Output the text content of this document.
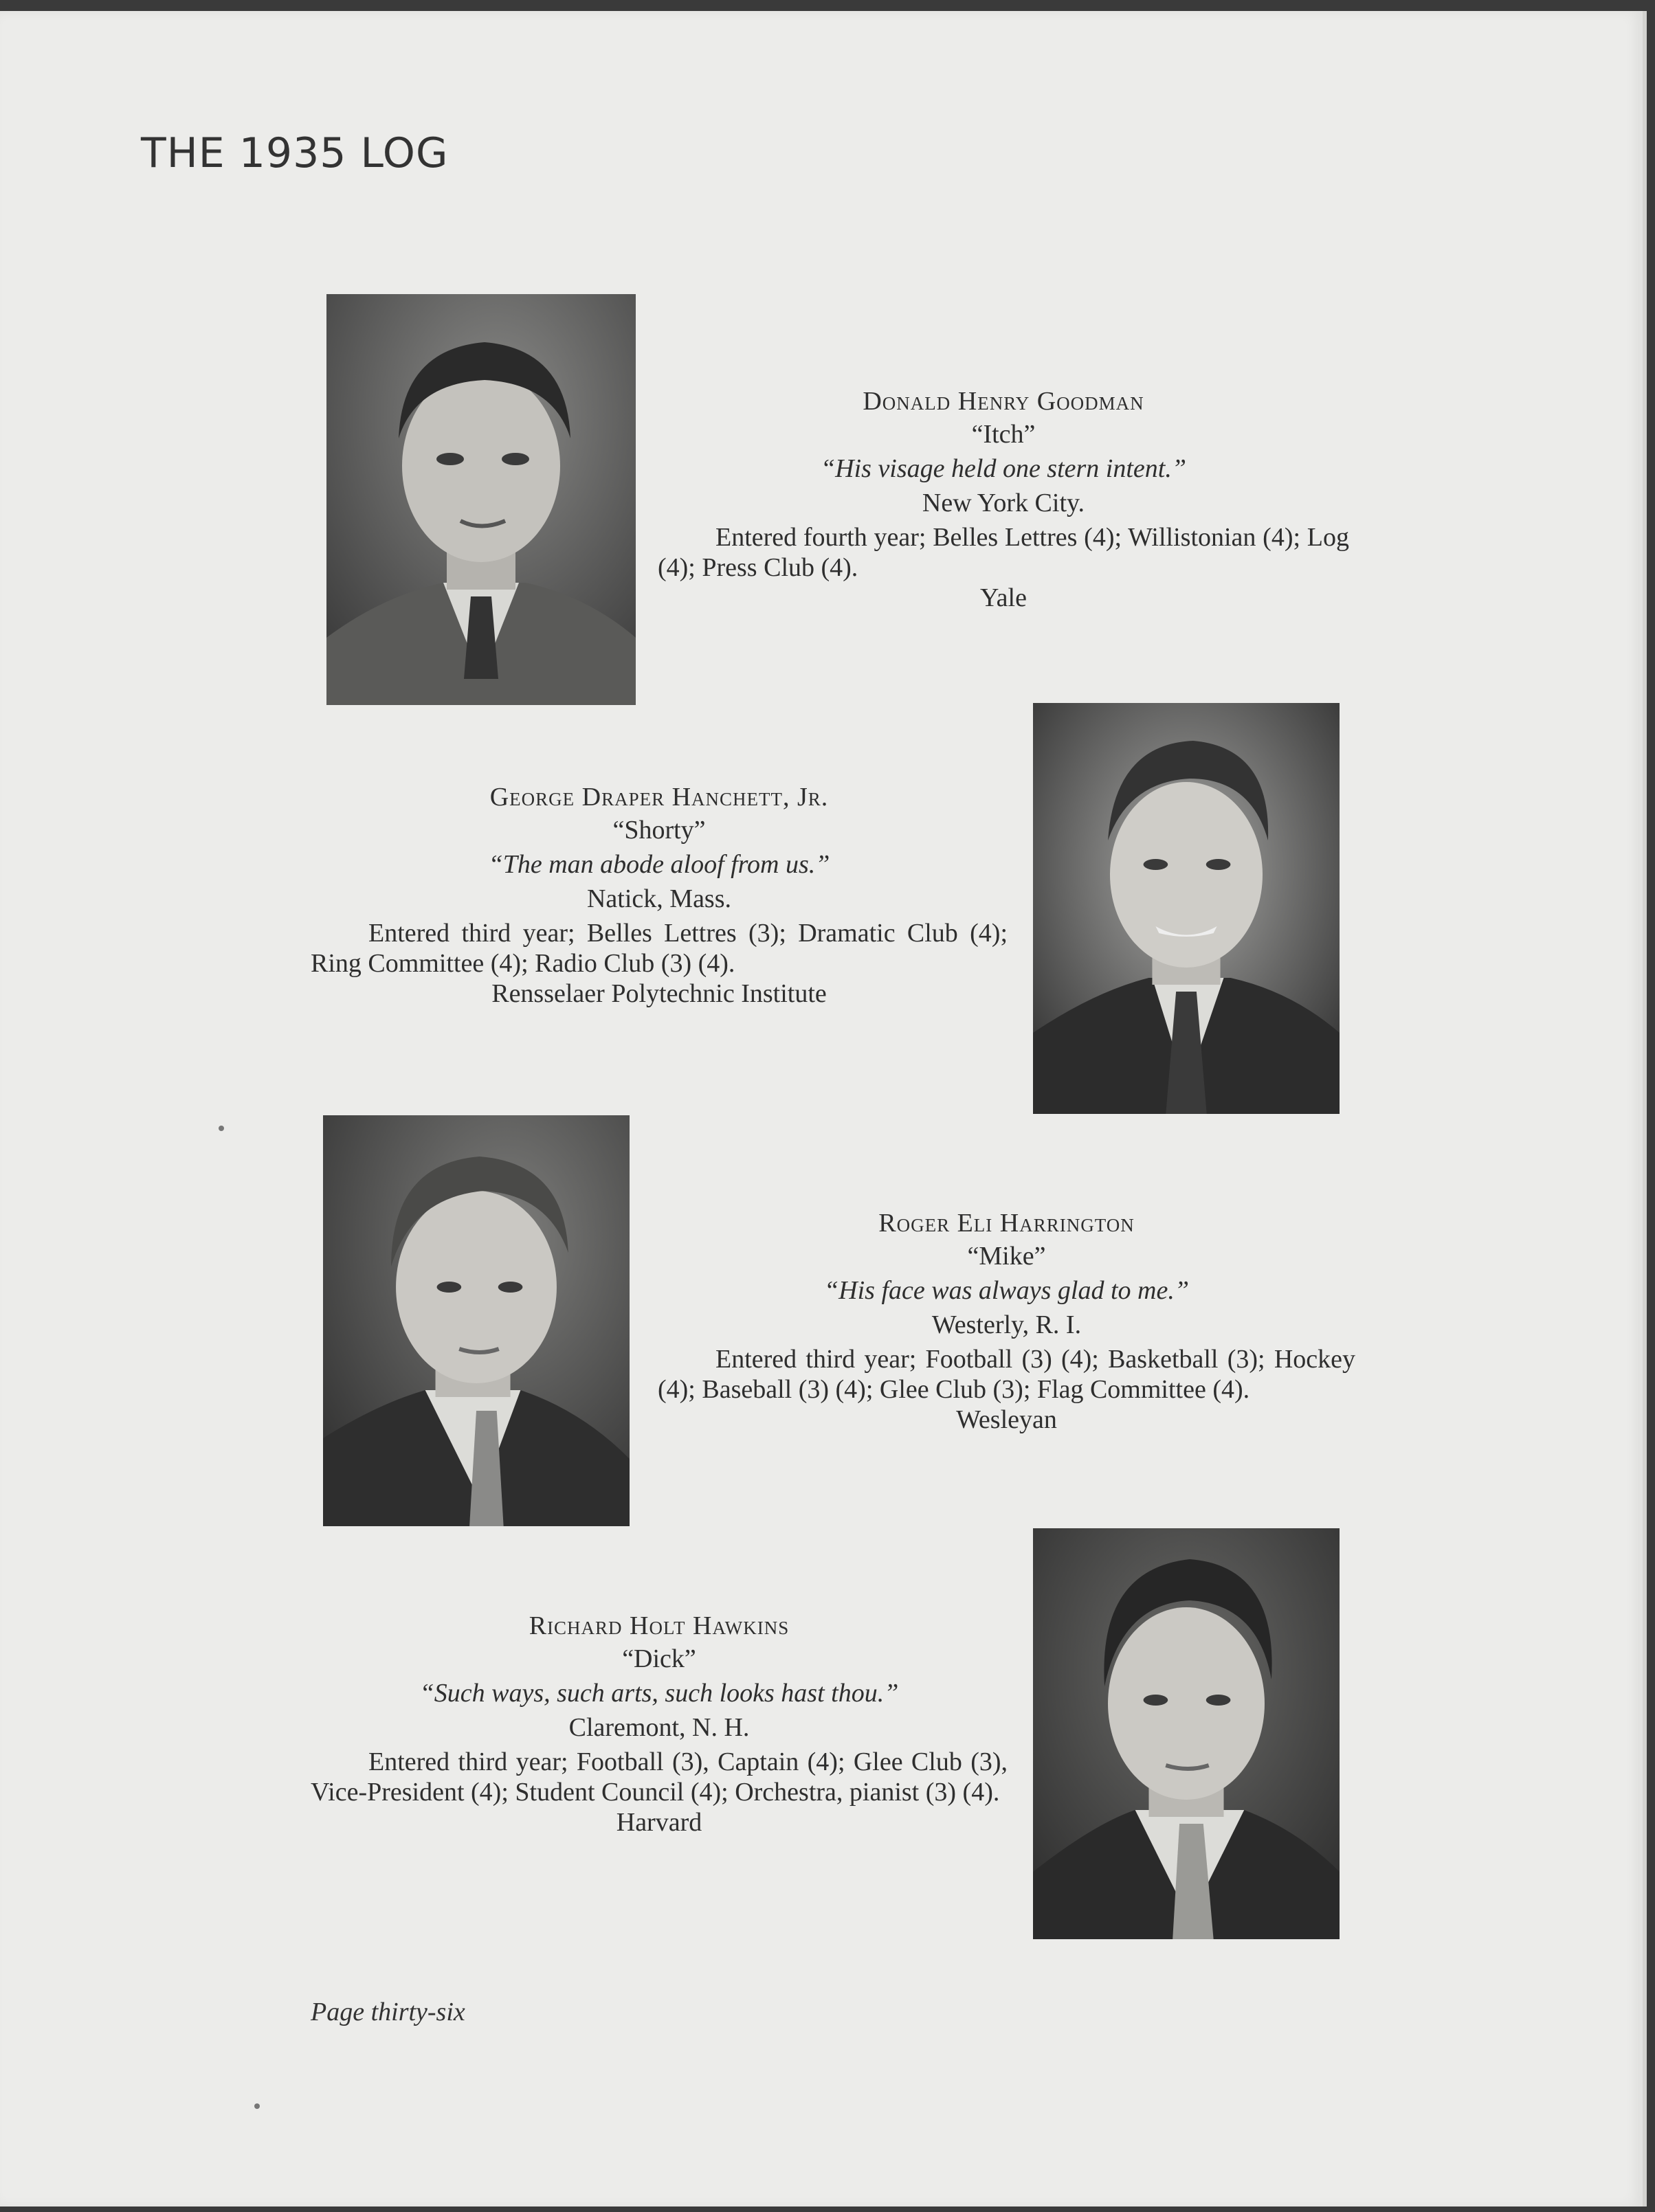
THE 1935 LOG
Donald Henry Goodman
“Itch”
“His visage held one stern intent.”
New York City.
Entered fourth year; Belles Lettres (4); Willistonian (4); Log (4); Press Club (4).
Yale
George Draper Hanchett, Jr.
“Shorty”
“The man abode aloof from us.”
Natick, Mass.
Entered third year; Belles Lettres (3); Dramatic Club (4); Ring Committee (4); Radio Club (3) (4).
Rensselaer Polytechnic Institute
Roger Eli Harrington
“Mike”
“His face was always glad to me.”
Westerly, R. I.
Entered third year; Football (3) (4); Basketball (3); Hockey (4); Baseball (3) (4); Glee Club (3); Flag Committee (4).
Wesleyan
Richard Holt Hawkins
“Dick”
“Such ways, such arts, such looks hast thou.”
Claremont, N. H.
Entered third year; Football (3), Captain (4); Glee Club (3), Vice-President (4); Student Council (4); Orchestra, pianist (3) (4).
Harvard
Page thirty-six
